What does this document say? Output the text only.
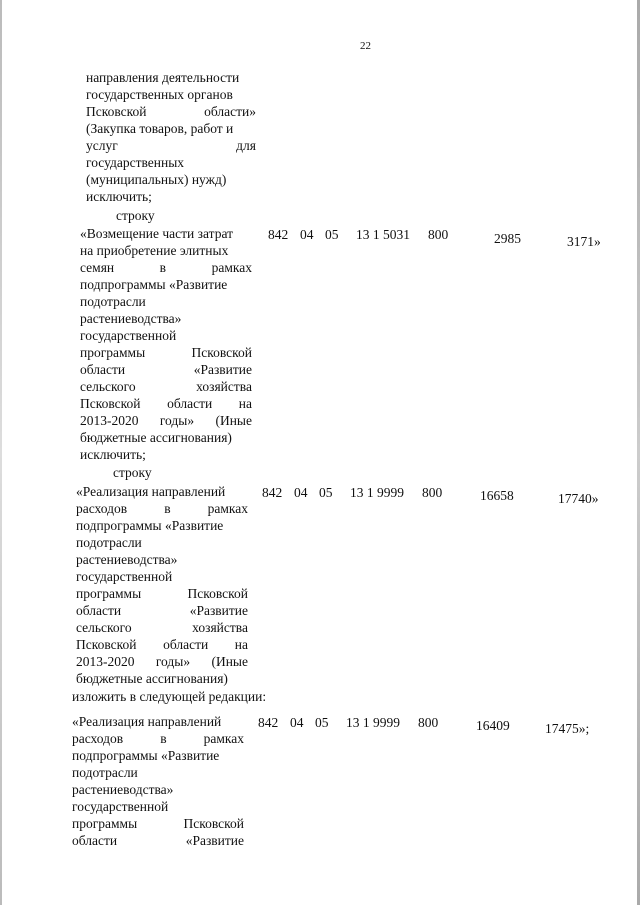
22
направления деятельности
государственных органов
Псковской области»
(Закупка товаров, работ и
услуг для
государственных
(муниципальных) нужд)
исключить;
строку
«Возмещение части затрат
на приобретение элитных
семян в рамках
подпрограммы «Развитие
подотрасли
растениеводства»
государственной
программы Псковской
области «Развитие
сельского хозяйства
Псковской области на
2013-2020 годы» (Иные
бюджетные ассигнования)
исключить;
842 04 05 13 1 5031 800	2985	3171»
строку
«Реализация направлений
расходов в рамках
подпрограммы «Развитие
подотрасли
растениеводства»
государственной
программы Псковской
области «Развитие
сельского хозяйства
Псковской области на
2013-2020 годы» (Иные
бюджетные ассигнования)
изложить в следующей редакции:
842 04 05 13 1 9999 800	16658	17740»
«Реализация направлений
расходов в рамках
подпрограммы «Развитие
подотрасли
растениеводства»
государственной
программы Псковской
области «Развитие
842 04 05 13 1 9999 800	16409	17475»;
